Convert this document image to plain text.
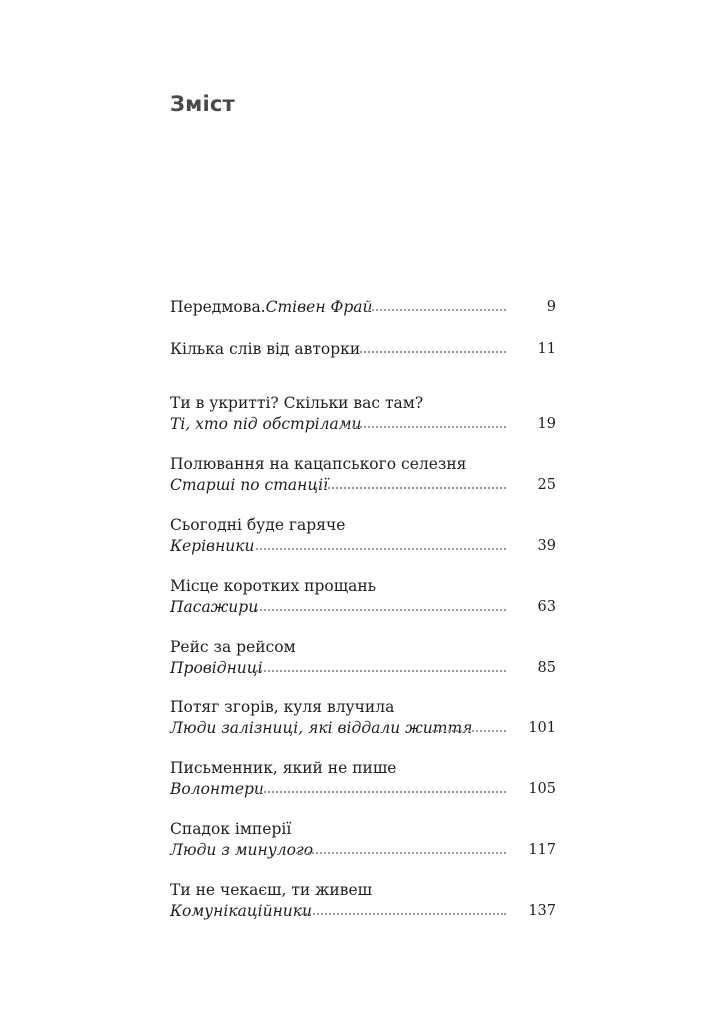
Зміст
Передмова. Стівен Фрай	9
Кілька слів від авторки	11
Ти в укритті? Скільки вас там?
Ті, хто під обстрілами	19
Полювання на кацапського селезня
Старші по станції	25
Сьогодні буде гаряче
Керівники	39
Місце коротких прощань
Пасажири	63
Рейс за рейсом
Провідниці	85
Потяг згорів, куля влучила
Люди залізниці, які віддали життя	101
Письменник, який не пише
Волонтери	105
Спадок імперії
Люди з минулого	117
Ти не чекаєш, ти живеш
Комунікаційники	137
